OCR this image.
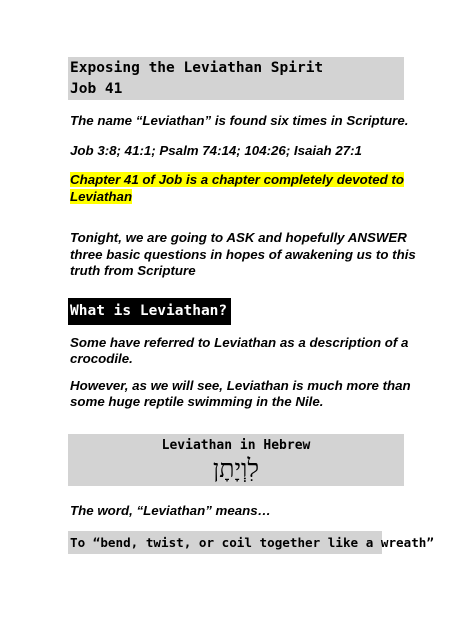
Exposing the Leviathan Spirit
Job 41
The name “Leviathan” is found six times in Scripture.
Job 3:8; 41:1; Psalm 74:14; 104:26; Isaiah 27:1
Chapter 41 of Job is a chapter completely devoted to
Leviathan
Tonight, we are going to ASK and hopefully ANSWER
three basic questions in hopes of awakening us to this
truth from Scripture
What is Leviathan?
Some have referred to Leviathan as a description of a
crocodile.
However, as we will see, Leviathan is much more than
some huge reptile swimming in the Nile.
Leviathan in Hebrew
לִוְיָתָן
The word, “Leviathan” means…
To “bend, twist, or coil together like a wreath”
